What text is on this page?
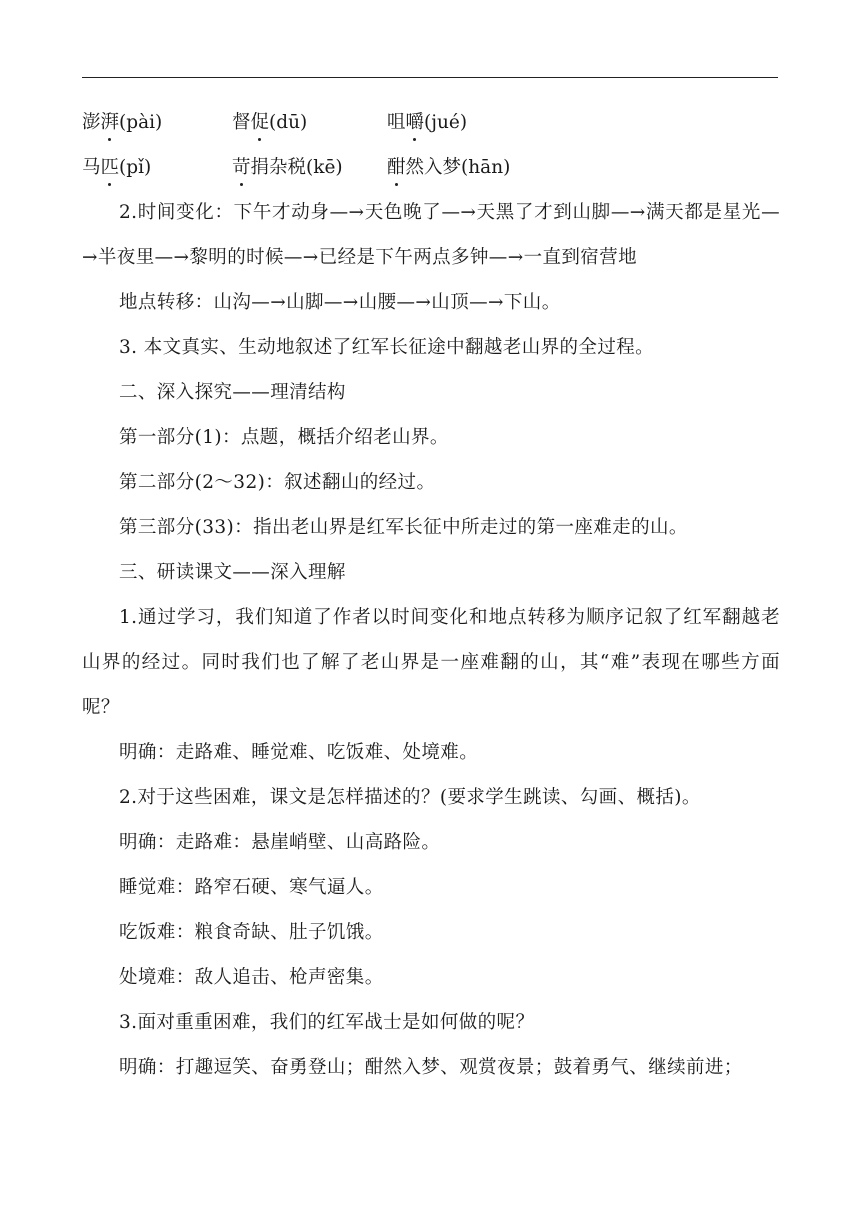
澎湃(pài)	督促(dū)	咀嚼(jué)
马匹(pǐ)	苛捐杂税(kē)	酣然入梦(hān)

2.时间变化：下午才动身—→天色晚了—→天黑了才到山脚—→满天都是星光—→半夜里—→黎明的时候—→已经是下午两点多钟—→一直到宿营地

地点转移：山沟—→山脚—→山腰—→山顶—→下山。

3. 本文真实、生动地叙述了红军长征途中翻越老山界的全过程。

二、深入探究——理清结构

第一部分(1)：点题，概括介绍老山界。

第二部分(2～32)：叙述翻山的经过。

第三部分(33)：指出老山界是红军长征中所走过的第一座难走的山。

三、研读课文——深入理解

1.通过学习，我们知道了作者以时间变化和地点转移为顺序记叙了红军翻越老山界的经过。同时我们也了解了老山界是一座难翻的山，其“难”表现在哪些方面呢？

明确：走路难、睡觉难、吃饭难、处境难。

2.对于这些困难，课文是怎样描述的？(要求学生跳读、勾画、概括)。

明确：走路难：悬崖峭壁、山高路险。

睡觉难：路窄石硬、寒气逼人。

吃饭难：粮食奇缺、肚子饥饿。

处境难：敌人追击、枪声密集。

3.面对重重困难，我们的红军战士是如何做的呢？

明确：打趣逗笑、奋勇登山；酣然入梦、观赏夜景；鼓着勇气、继续前进；
